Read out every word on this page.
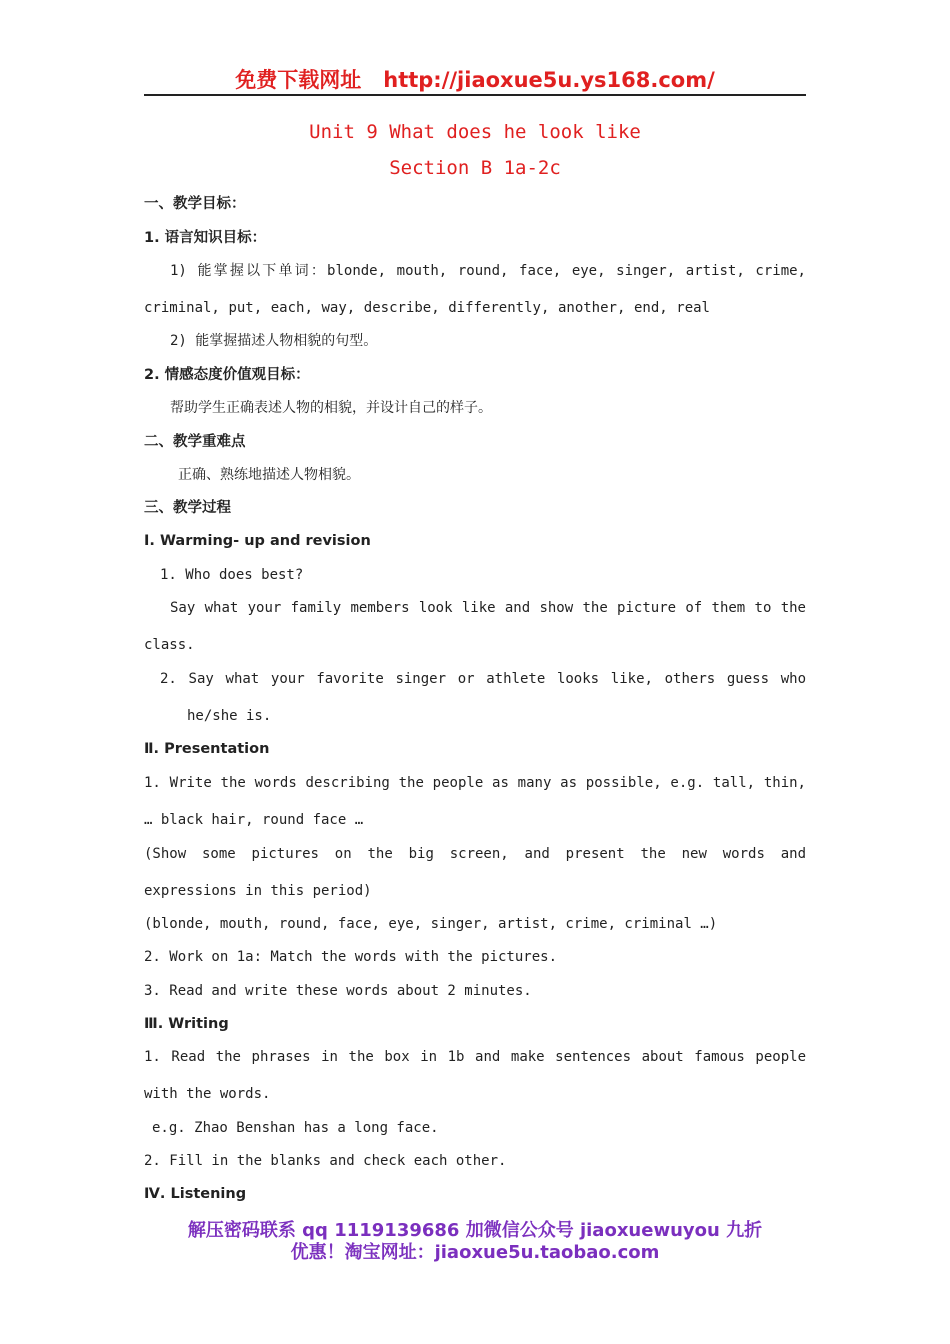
免费下载网址 http://jiaoxue5u.ys168.com/
Unit 9 What does he look like
Section B 1a-2c
一、教学目标：
1. 语言知识目标：
1) 能掌握以下单词：blonde, mouth, round, face, eye, singer, artist, crime,
criminal, put, each, way, describe, differently, another, end, real
2) 能掌握描述人物相貌的句型。
2. 情感态度价值观目标：
帮助学生正确表述人物的相貌，并设计自己的样子。
二、教学重难点
正确、熟练地描述人物相貌。
三、教学过程
Ⅰ. Warming- up and revision
1. Who does best?
Say what your family members look like and show the picture of them to the
class.
2. Say what your favorite singer or athlete looks like, others guess who
he/she is.
Ⅱ. Presentation
1. Write the words describing the people as many as possible, e.g. tall, thin,
… black hair, round face …
(Show some pictures on the big screen, and present the new words and
expressions in this period)
(blonde, mouth, round, face, eye, singer, artist, crime, criminal …)
2. Work on 1a: Match the words with the pictures.
3. Read and write these words about 2 minutes.
Ⅲ. Writing
1. Read the phrases in the box in 1b and make sentences about famous people
with the words.
e.g. Zhao Benshan has a long face.
2. Fill in the blanks and check each other.
Ⅳ. Listening
解压密码联系 qq 1119139686 加微信公众号 jiaoxuewuyou 九折
优惠！淘宝网址：jiaoxue5u.taobao.com
